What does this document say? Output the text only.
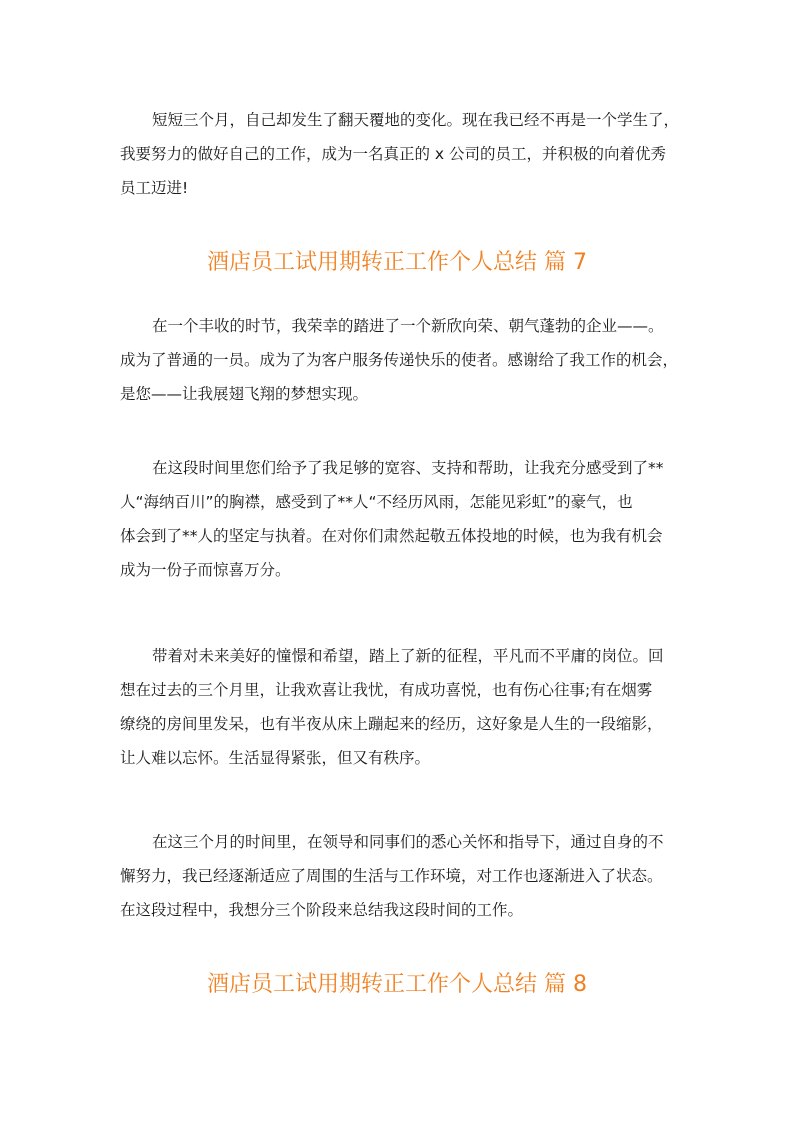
短短三个月，自己却发生了翻天覆地的变化。现在我已经不再是一个学生了，
我要努力的做好自己的工作，成为一名真正的 x 公司的员工，并积极的向着优秀
员工迈进!
酒店员工试用期转正工作个人总结 篇 7
在一个丰收的时节，我荣幸的踏进了一个新欣向荣、朝气蓬勃的企业——。
成为了普通的一员。成为了为客户服务传递快乐的使者。感谢给了我工作的机会，
是您——让我展翅飞翔的梦想实现。
在这段时间里您们给予了我足够的宽容、支持和帮助，让我充分感受到了**
人“海纳百川”的胸襟，感受到了**人“不经历风雨，怎能见彩虹”的豪气，也
体会到了**人的坚定与执着。在对你们肃然起敬五体投地的时候，也为我有机会
成为一份子而惊喜万分。
带着对未来美好的憧憬和希望，踏上了新的征程，平凡而不平庸的岗位。回
想在过去的三个月里，让我欢喜让我忧，有成功喜悦，也有伤心往事;有在烟雾
缭绕的房间里发呆，也有半夜从床上蹦起来的经历，这好象是人生的一段缩影，
让人难以忘怀。生活显得紧张，但又有秩序。
在这三个月的时间里，在领导和同事们的悉心关怀和指导下，通过自身的不
懈努力，我已经逐渐适应了周围的生活与工作环境，对工作也逐渐进入了状态。
在这段过程中，我想分三个阶段来总结我这段时间的工作。
酒店员工试用期转正工作个人总结 篇 8
